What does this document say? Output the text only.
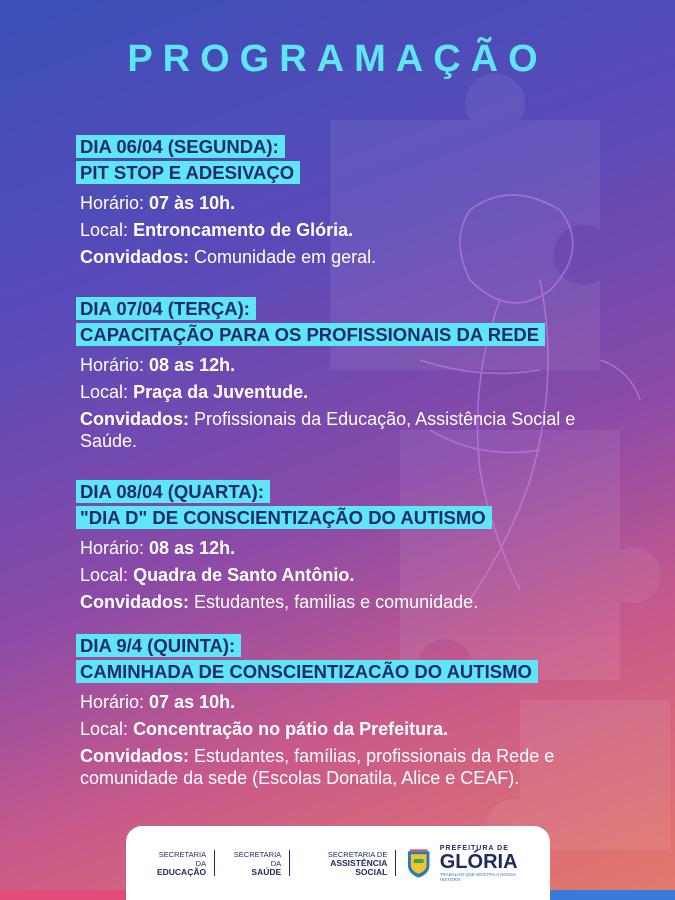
PROGRAMAÇÃO
DIA 06/04 (SEGUNDA):
PIT STOP E ADESIVAÇO
Horário: 07 às 10h.
Local: Entroncamento de Glória.
Convidados: Comunidade em geral.
DIA 07/04 (TERÇA):
CAPACITAÇÃO PARA OS PROFISSIONAIS DA REDE
Horário: 08 as 12h.
Local: Praça da Juventude.
Convidados: Profissionais da Educação, Assistência Social e Saúde.
DIA 08/04 (QUARTA):
"DIA D" DE CONSCIENTIZAÇÃO DO AUTISMO
Horário: 08 as 12h.
Local: Quadra de Santo Antônio.
Convidados: Estudantes, familias e comunidade.
DIA 9/4 (QUINTA):
CAMINHADA DE CONSCIENTIZACÃO DO AUTISMO
Horário: 07 as 10h.
Local: Concentração no pátio da Prefeitura.
Convidados: Estudantes, famílias, profissionais da Rede e comunidade da sede (Escolas Donatila, Alice e CEAF).
SECRETARIA DA
EDUCAÇÃO
SECRETARIA DA
SAÚDE
SECRETARIA DE
ASSISTÊNCIA SOCIAL
PREFEITURA DE
GLÓRIA
TRABALHO QUE MOSTRA A NOSSA HISTÓRIA
